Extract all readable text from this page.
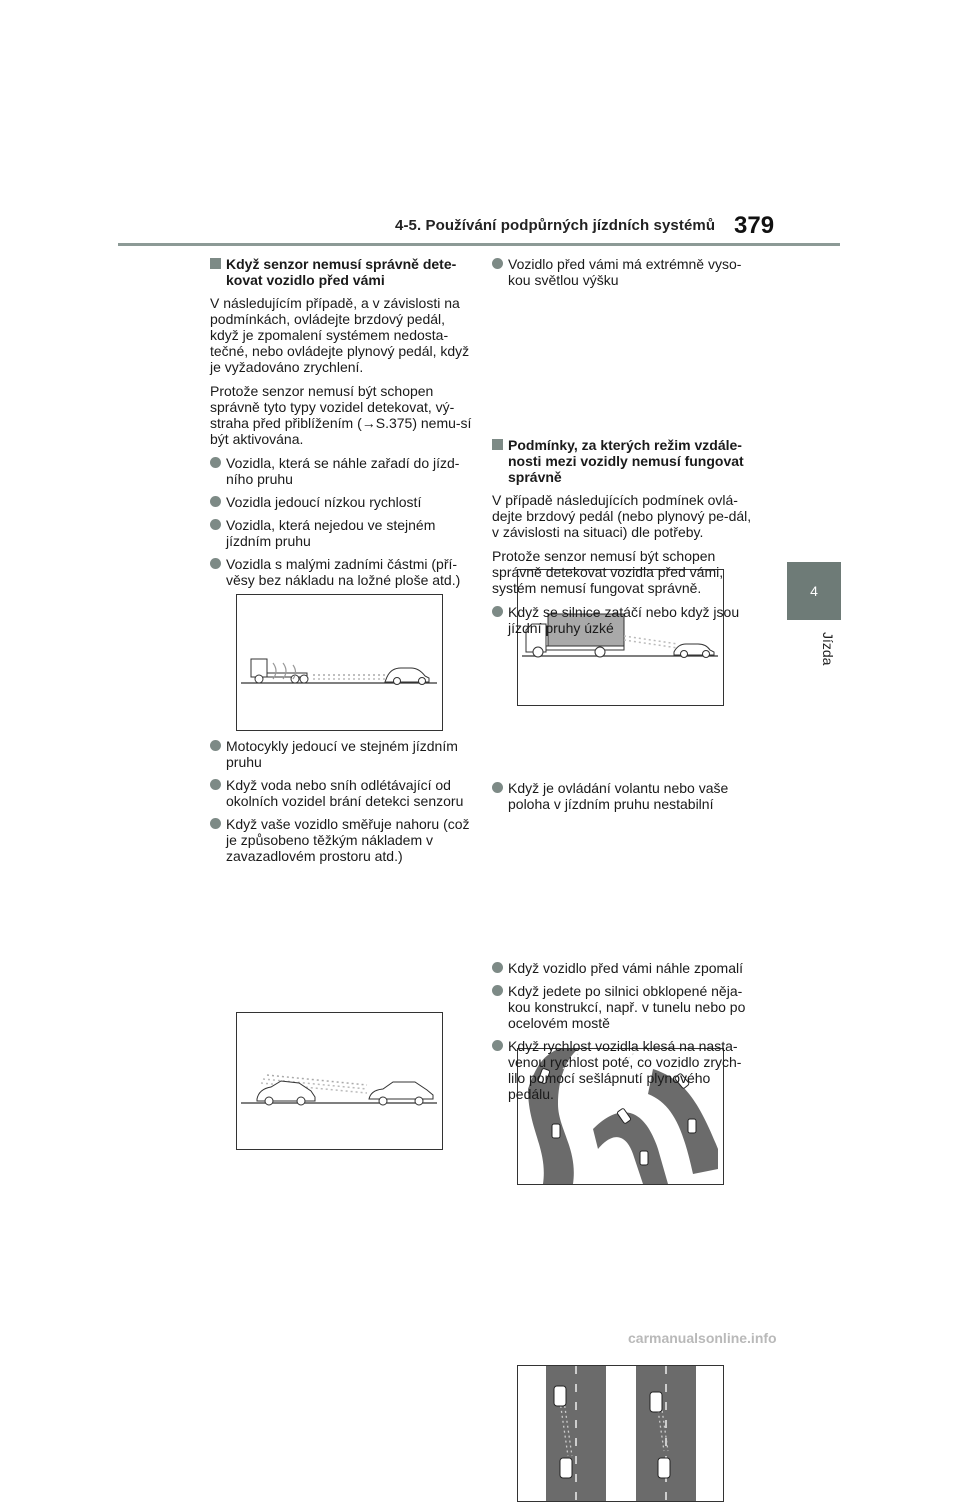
4-5. Používání podpůrných jízdních systémů 379
4
Jízda
Když senzor nemusí správně dete-kovat vozidlo před vámi

V následujícím případě, a v závislosti na podmínkách, ovládejte brzdový pedál, když je zpomalení systémem nedosta-tečné, nebo ovládejte plynový pedál, když je vyžadováno zrychlení.

Protože senzor nemusí být schopen správně tyto typy vozidel detekovat, vý-straha před přiblížením (→S.375) nemu-sí být aktivována.

Vozidla, která se náhle zařadí do jízd-ního pruhu
Vozidla jedoucí nízkou rychlostí
Vozidla, která nejedou ve stejném jízdním pruhu
Vozidla s malými zadními částmi (pří-věsy bez nákladu na ložné ploše atd.)
Motocykly jedoucí ve stejném jízdním pruhu
Když voda nebo sníh odlétávající od okolních vozidel brání detekci senzoru
Když vaše vozidlo směřuje nahoru (což je způsobeno těžkým nákladem v zavazadlovém prostoru atd.)
Vozidlo před vámi má extrémně vyso-kou světlou výšku
Podmínky, za kterých režim vzdále-nosti mezi vozidly nemusí fungovat správně

V případě následujících podmínek ovlá-dejte brzdový pedál (nebo plynový pe-dál, v závislosti na situaci) dle potřeby.

Protože senzor nemusí být schopen správně detekovat vozidla před vámi, systém nemusí fungovat správně.

Když se silnice zatáčí nebo když jsou jízdní pruhy úzké
Když je ovládání volantu nebo vaše poloha v jízdním pruhu nestabilní
Když vozidlo před vámi náhle zpomalí
Když jedete po silnici obklopené něja-kou konstrukcí, např. v tunelu nebo po ocelovém mostě
Když rychlost vozidla klesá na nasta-venou rychlost poté, co vozidlo zrych-lilo pomocí sešlápnutí plynového pedálu.
carmanualsonline.info
